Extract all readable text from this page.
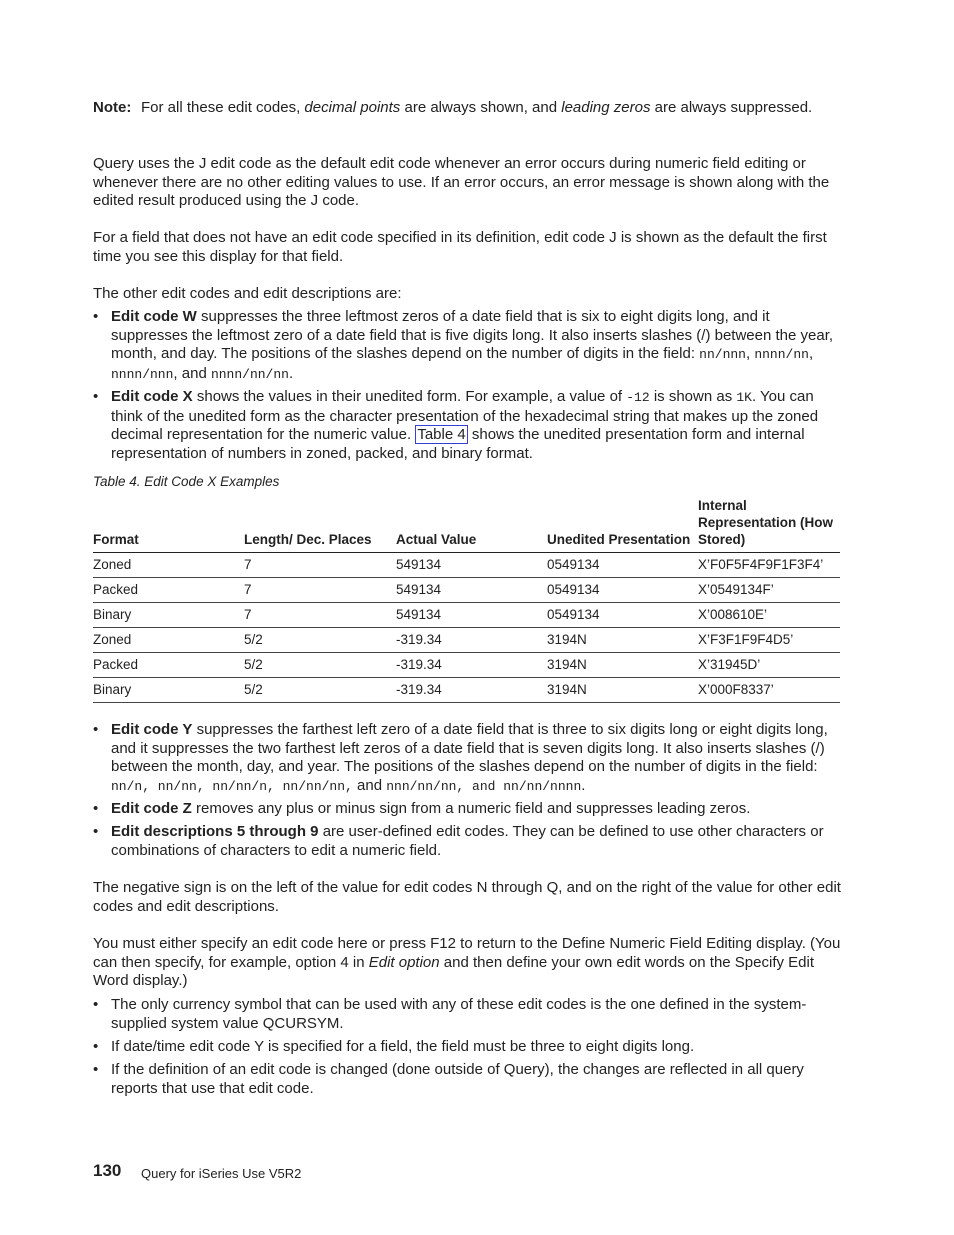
Note: For all these edit codes, decimal points are always shown, and leading zeros are always suppressed.

Query uses the J edit code as the default edit code whenever an error occurs during numeric field editing or whenever there are no other editing values to use. If an error occurs, an error message is shown along with the edited result produced using the J code.

For a field that does not have an edit code specified in its definition, edit code J is shown as the default the first time you see this display for that field.

The other edit codes and edit descriptions are:

• Edit code W suppresses the three leftmost zeros of a date field that is six to eight digits long, and it suppresses the leftmost zero of a date field that is five digits long. It also inserts slashes (/) between the year, month, and day. The positions of the slashes depend on the number of digits in the field: nn/nnn, nnnn/nn, nnnn/nnn, and nnnn/nn/nn.
• Edit code X shows the values in their unedited form. For example, a value of -12 is shown as 1K. You can think of the unedited form as the character presentation of the hexadecimal string that makes up the zoned decimal representation for the numeric value. Table 4 shows the unedited presentation form and internal representation of numbers in zoned, packed, and binary format.
Table 4. Edit Code X Examples
Format	Length/ Dec. Places	Actual Value	Unedited Presentation	Internal Representation (How Stored)
Zoned	7	549134	0549134	X’F0F5F4F9F1F3F4’
Packed	7	549134	0549134	X’0549134F’
Binary	7	549134	0549134	X’008610E’
Zoned	5/2	-319.34	3194N	X’F3F1F9F4D5’
Packed	5/2	-319.34	3194N	X’31945D’
Binary	5/2	-319.34	3194N	X’000F8337’
• Edit code Y suppresses the farthest left zero of a date field that is three to six digits long or eight digits long, and it suppresses the two farthest left zeros of a date field that is seven digits long. It also inserts slashes (/) between the month, day, and year. The positions of the slashes depend on the number of digits in the field: nn/n, nn/nn, nn/nn/n, nn/nn/nn, and nnn/nn/nn, and nn/nn/nnnn.
• Edit code Z removes any plus or minus sign from a numeric field and suppresses leading zeros.
• Edit descriptions 5 through 9 are user-defined edit codes. They can be defined to use other characters or combinations of characters to edit a numeric field.

The negative sign is on the left of the value for edit codes N through Q, and on the right of the value for other edit codes and edit descriptions.

You must either specify an edit code here or press F12 to return to the Define Numeric Field Editing display. (You can then specify, for example, option 4 in Edit option and then define your own edit words on the Specify Edit Word display.)
• The only currency symbol that can be used with any of these edit codes is the one defined in the system-supplied system value QCURSYM.
• If date/time edit code Y is specified for a field, the field must be three to eight digits long.
• If the definition of an edit code is changed (done outside of Query), the changes are reflected in all query reports that use that edit code.
130 Query for iSeries Use V5R2
